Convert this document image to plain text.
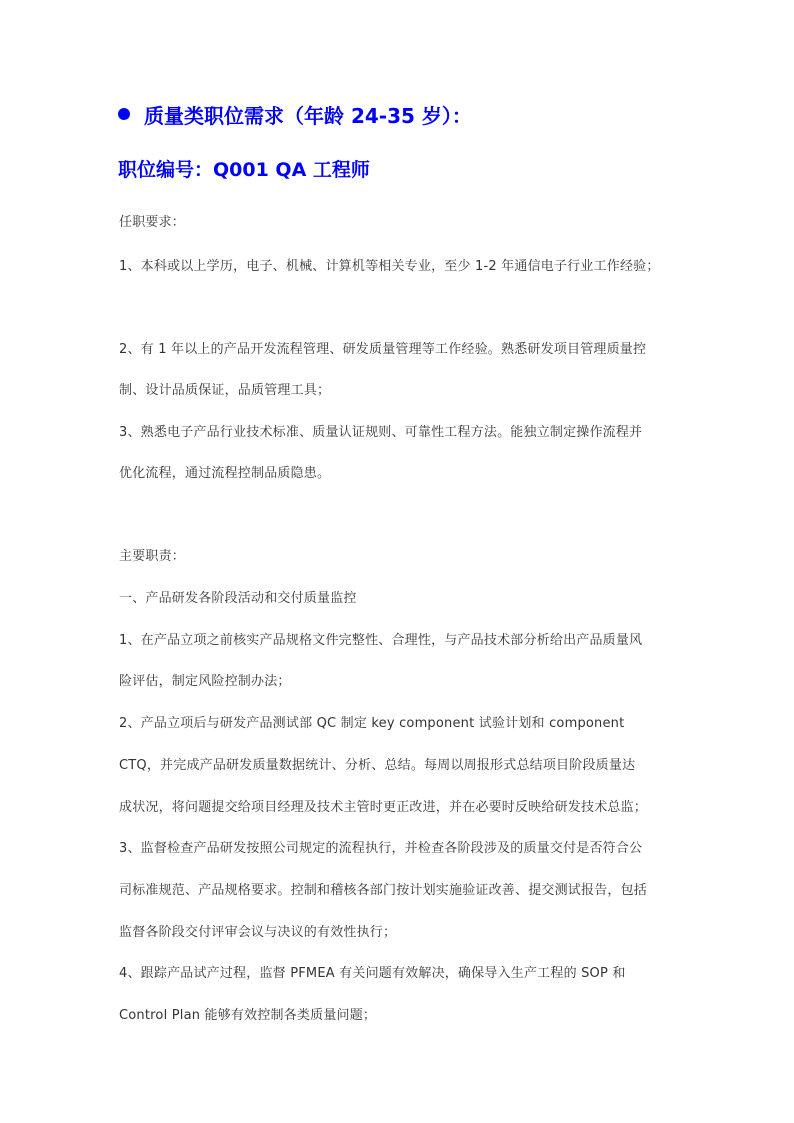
质量类职位需求（年龄 24-35 岁）：
职位编号：Q001 QA 工程师
任职要求：
1、本科或以上学历，电子、机械、计算机等相关专业，至少 1-2 年通信电子行业工作经验；
2、有 1 年以上的产品开发流程管理、研发质量管理等工作经验。熟悉研发项目管理质量控
制、设计品质保证，品质管理工具；
3、熟悉电子产品行业技术标准、质量认证规则、可靠性工程方法。能独立制定操作流程并
优化流程，通过流程控制品质隐患。
主要职责：
一、产品研发各阶段活动和交付质量监控
1、在产品立项之前核实产品规格文件完整性、合理性，与产品技术部分析给出产品质量风
险评估，制定风险控制办法；
2、产品立项后与研发产品测试部 QC 制定 key component 试验计划和 component
CTQ，并完成产品研发质量数据统计、分析、总结。每周以周报形式总结项目阶段质量达
成状况，将问题提交给项目经理及技术主管时更正改进，并在必要时反映给研发技术总监；
3、监督检查产品研发按照公司规定的流程执行，并检查各阶段涉及的质量交付是否符合公
司标准规范、产品规格要求。控制和稽核各部门按计划实施验证改善、提交测试报告，包括
监督各阶段交付评审会议与决议的有效性执行；
4、跟踪产品试产过程，监督 PFMEA 有关问题有效解决，确保导入生产工程的 SOP 和
Control Plan 能够有效控制各类质量问题；
